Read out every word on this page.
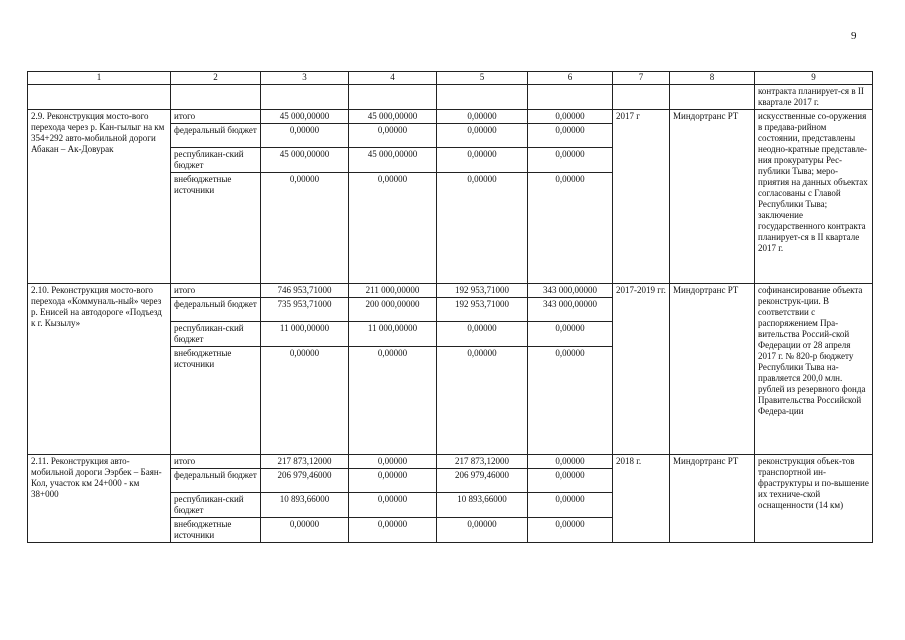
9
1	2	3	4	5	6	7	8	9
								контракта планирует-ся в II квартале 2017 г.
2.9. Реконструкция мосто-вого перехода через р. Кан-гылыг на км 354+292 авто-мобильной дороги Абакан – Ак-Довурак	итого	45 000,00000	45 000,00000	0,00000	0,00000	2017 г	Миндортранс РТ	искусственные со-оружения в предава-рийном состоянии, представлены неодно-кратные представле-ния прокуратуры Рес-публики Тыва; меро-приятия на данных объектах согласованы с Главой Республики Тыва; заключение государственного контракта планирует-ся в II квартале 2017 г.
	федеральный бюджет	0,00000	0,00000	0,00000	0,00000			
	республикан-ский бюджет	45 000,00000	45 000,00000	0,00000	0,00000			
	внебюджетные источники	0,00000	0,00000	0,00000	0,00000			
2.10. Реконструкция мосто-вого перехода «Коммуналь-ный» через р. Енисей на автодороге «Подъезд к г. Кызылу»	итого	746 953,71000	211 000,00000	192 953,71000	343 000,00000	2017-2019 гг.	Миндортранс РТ	софинансирование объекта реконструк-ции. В соответствии с распоряжением Пра-вительства Россий-ской Федерации от 28 апреля 2017 г. № 820-р бюджету Республики Тыва на-правляется 200,0 млн. рублей из резервного фонда Правительства Российской Федера-ции
	федеральный бюджет	735 953,71000	200 000,00000	192 953,71000	343 000,00000			
	республикан-ский бюджет	11 000,00000	11 000,00000	0,00000	0,00000			
	внебюджетные источники	0,00000	0,00000	0,00000	0,00000			
2.11. Реконструкция авто-мобильной дороги Ээрбек – Баян-Кол, участок км 24+000 - км 38+000	итого	217 873,12000	0,00000	217 873,12000	0,00000	2018 г.	Миндортранс РТ	реконструкция объек-тов транспортной ин-фраструктуры и по-вышение их техниче-ской оснащенности (14 км)
	федеральный бюджет	206 979,46000	0,00000	206 979,46000	0,00000			
	республикан-ский бюджет	10 893,66000	0,00000	10 893,66000	0,00000			
	внебюджетные источники	0,00000	0,00000	0,00000	0,00000			
